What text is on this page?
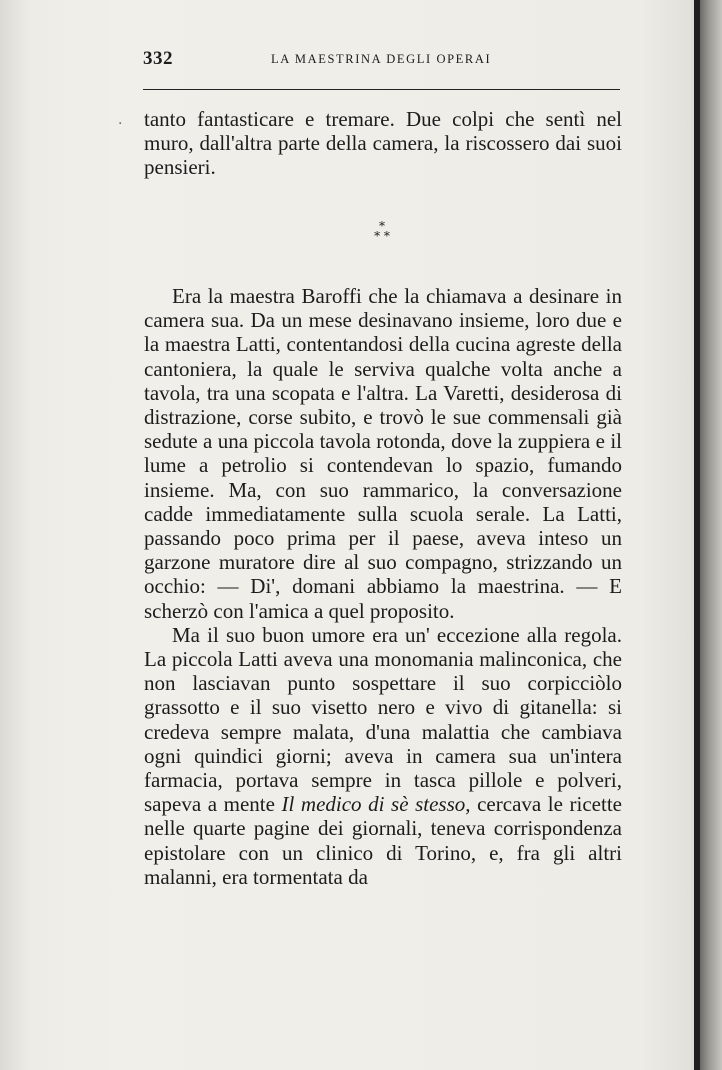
332	LA MAESTRINA DEGLI OPERAI
· tanto fantasticare e tremare. Due colpi che sentì nel muro, dall'altra parte della camera, la riscossero dai suoi pensieri.

*
* *

Era la maestra Baroffi che la chiamava a desinare in camera sua. Da un mese desinavano insieme, loro due e la maestra Latti, contentandosi della cucina agreste della cantoniera, la quale le serviva qualche volta anche a tavola, tra una scopata e l'altra. La Varetti, desiderosa di distrazione, corse subito, e trovò le sue commensali già sedute a una piccola tavola rotonda, dove la zuppiera e il lume a petrolio si contendevan lo spazio, fumando insieme. Ma, con suo rammarico, la conversazione cadde immediatamente sulla scuola serale. La Latti, passando poco prima per il paese, aveva inteso un garzone muratore dire al suo compagno, strizzando un occhio: — Di', domani abbiamo la maestrina. — E scherzò con l'amica a quel proposito.

Ma il suo buon umore era un' eccezione alla regola. La piccola Latti aveva una monomania malinconica, che non lasciavan punto sospettare il suo corpicciòlo grassotto e il suo visetto nero e vivo di gitanella: si credeva sempre malata, d'una malattia che cambiava ogni quindici giorni; aveva in camera sua un'intera farmacia, portava sempre in tasca pillole e polveri, sapeva a mente Il medico di sè stesso, cercava le ricette nelle quarte pagine dei giornali, teneva corrispondenza epistolare con un clinico di Torino, e, fra gli altri malanni, era tormentata da
